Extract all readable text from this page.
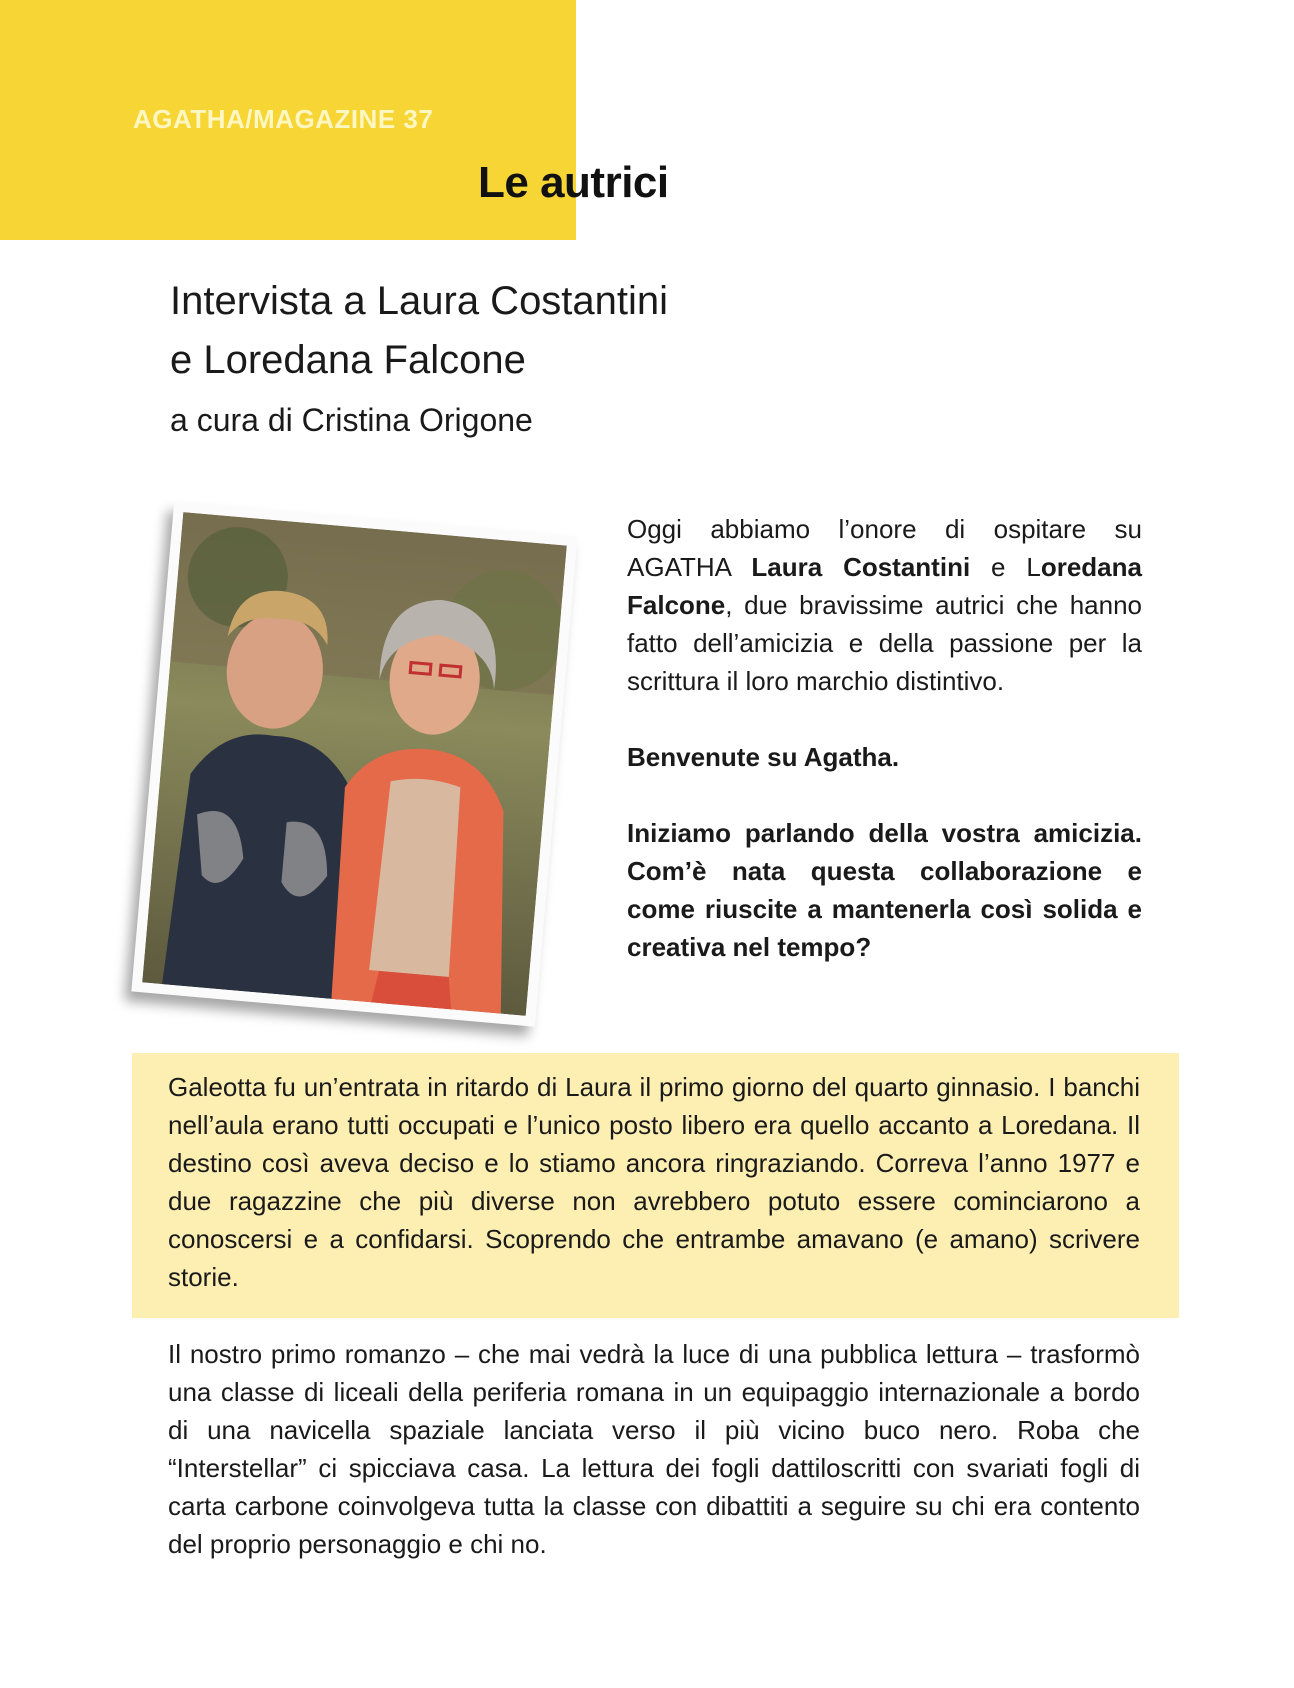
AGATHA/MAGAZINE 37
Le autrici
Intervista a Laura Costantini
e Loredana Falcone
a cura di Cristina Origone

Oggi abbiamo l’onore di ospitare su AGATHA Laura Costantini e Loredana Falcone, due bravissime autrici che hanno fatto dell’amicizia e della passione per la scrittura il loro marchio distintivo.

Benvenute su Agatha.

Iniziamo parlando della vostra amicizia. Com’è nata questa collaborazione e come riuscite a mantenerla così solida e creativa nel tempo?

Galeotta fu un’entrata in ritardo di Laura il primo giorno del quarto ginnasio. I banchi nell’aula erano tutti occupati e l’unico posto libero era quello accanto a Loredana. Il destino così aveva deciso e lo stiamo ancora ringraziando. Correva l’anno 1977 e due ragazzine che più diverse non avrebbero potuto essere cominciarono a conoscersi e a confidarsi. Scoprendo che entrambe amavano (e amano) scrivere storie.

Il nostro primo romanzo – che mai vedrà la luce di una pubblica lettura – trasformò una classe di liceali della periferia romana in un equipaggio internazionale a bordo di una navicella spaziale lanciata verso il più vicino buco nero. Roba che “Interstellar” ci spicciava casa. La lettura dei fogli dattiloscritti con svariati fogli di carta carbone coinvolgeva tutta la classe con dibattiti a seguire su chi era contento del proprio personaggio e chi no.
